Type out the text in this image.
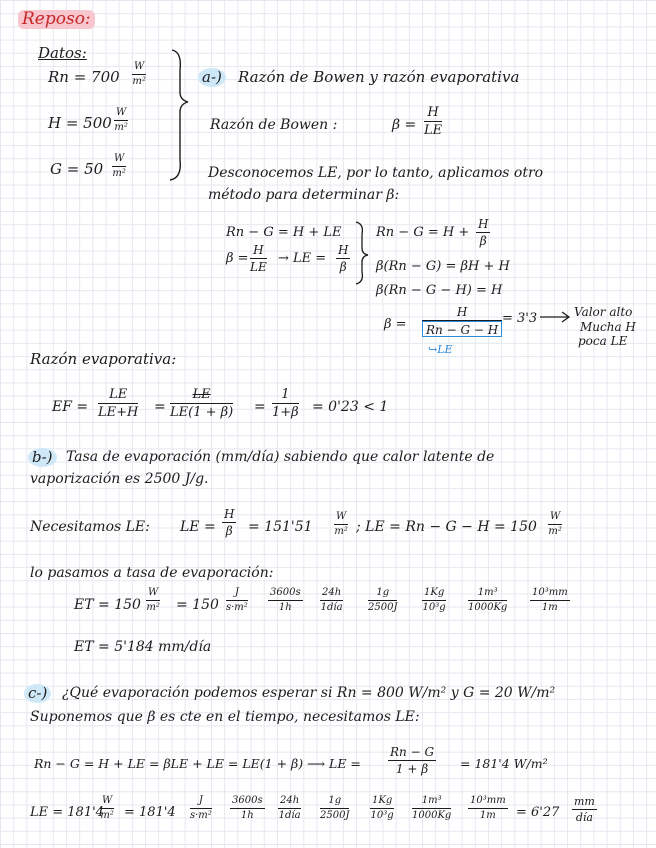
Reposo:
Datos:
$Rn = 700 \frac{W}{\text{m²}}$
$H = 500 \frac{W}{\text{m²}}$
$G = 50 \frac{W}{\text{m²}}$
a-) Razón de Bowen y razón evaporativa
Razón de Bowen :	$\beta = \frac{H}{LE}$
Desconocemos LE, por lo tanto, aplicamos otro
método para determinar β:
Rn − G = H + LE
$\beta = \frac{H}{LE}$ → LE = $\frac{H}{\beta}$
$Rn - G = H + \frac{H}{\beta}$
β(Rn − G) = βH + H
β(Rn − G − H) = H
$\beta = \frac{H}{Rn - G - H}$
↪LE
= 3'3	Valor alto
Mucha H
poca LE
Razón evaporativa:
EF = $\frac{LE}{LE+H} = \frac{LE}{LE(1 + \beta)} = \frac{1}{1+\beta} = 0'23 < 1$
b-) Tasa de evaporación (mm/día) sabiendo que calor latente de
vaporización es 2500 J/g.
Necesitamos LE: LE = $\frac{H}{\beta} = 151'51 \frac{W}{\text{m²}}$ ; LE = $Rn - G - H = 150 \frac{W}{\text{m²}}$
lo pasamos a tasa de evaporación:
ET = $150 \frac{W}{\text{m²}} = 150 \frac{J}{\text{s·m²}} \frac{3600s}{1h} 24h$
1día	$\frac{1g}{2500J} \frac{1Kg}{\text{10³g}} \frac{\text{1m³}}{1000Kg} \frac{\text{10³mm}}{1m}$
ET = 5'184 mm/día
c-) ¿Qué evaporación podemos esperar si Rn = 800 W/m² y G = 20 W/m²
Suponemos que β es cte en el tiempo, necesitamos LE:
Rn − G = H + LE = βLE + LE = LE(1 + β) ⟶ LE = $\frac{Rn - G}{1 + \beta} = 181'4$ W/m²
LE = 181'4
$\frac{W}{\text{m²}} = 181'4 \frac{J}{\text{s·m²}} \frac{3600s}{1h} 24h$
1día $\frac{1g}{2500J} \frac{1Kg}{\text{10³g}} \frac{\text{1m³}}{1000Kg} \frac{\text{10³mm}}{1m} = 6'27$
mm
día
